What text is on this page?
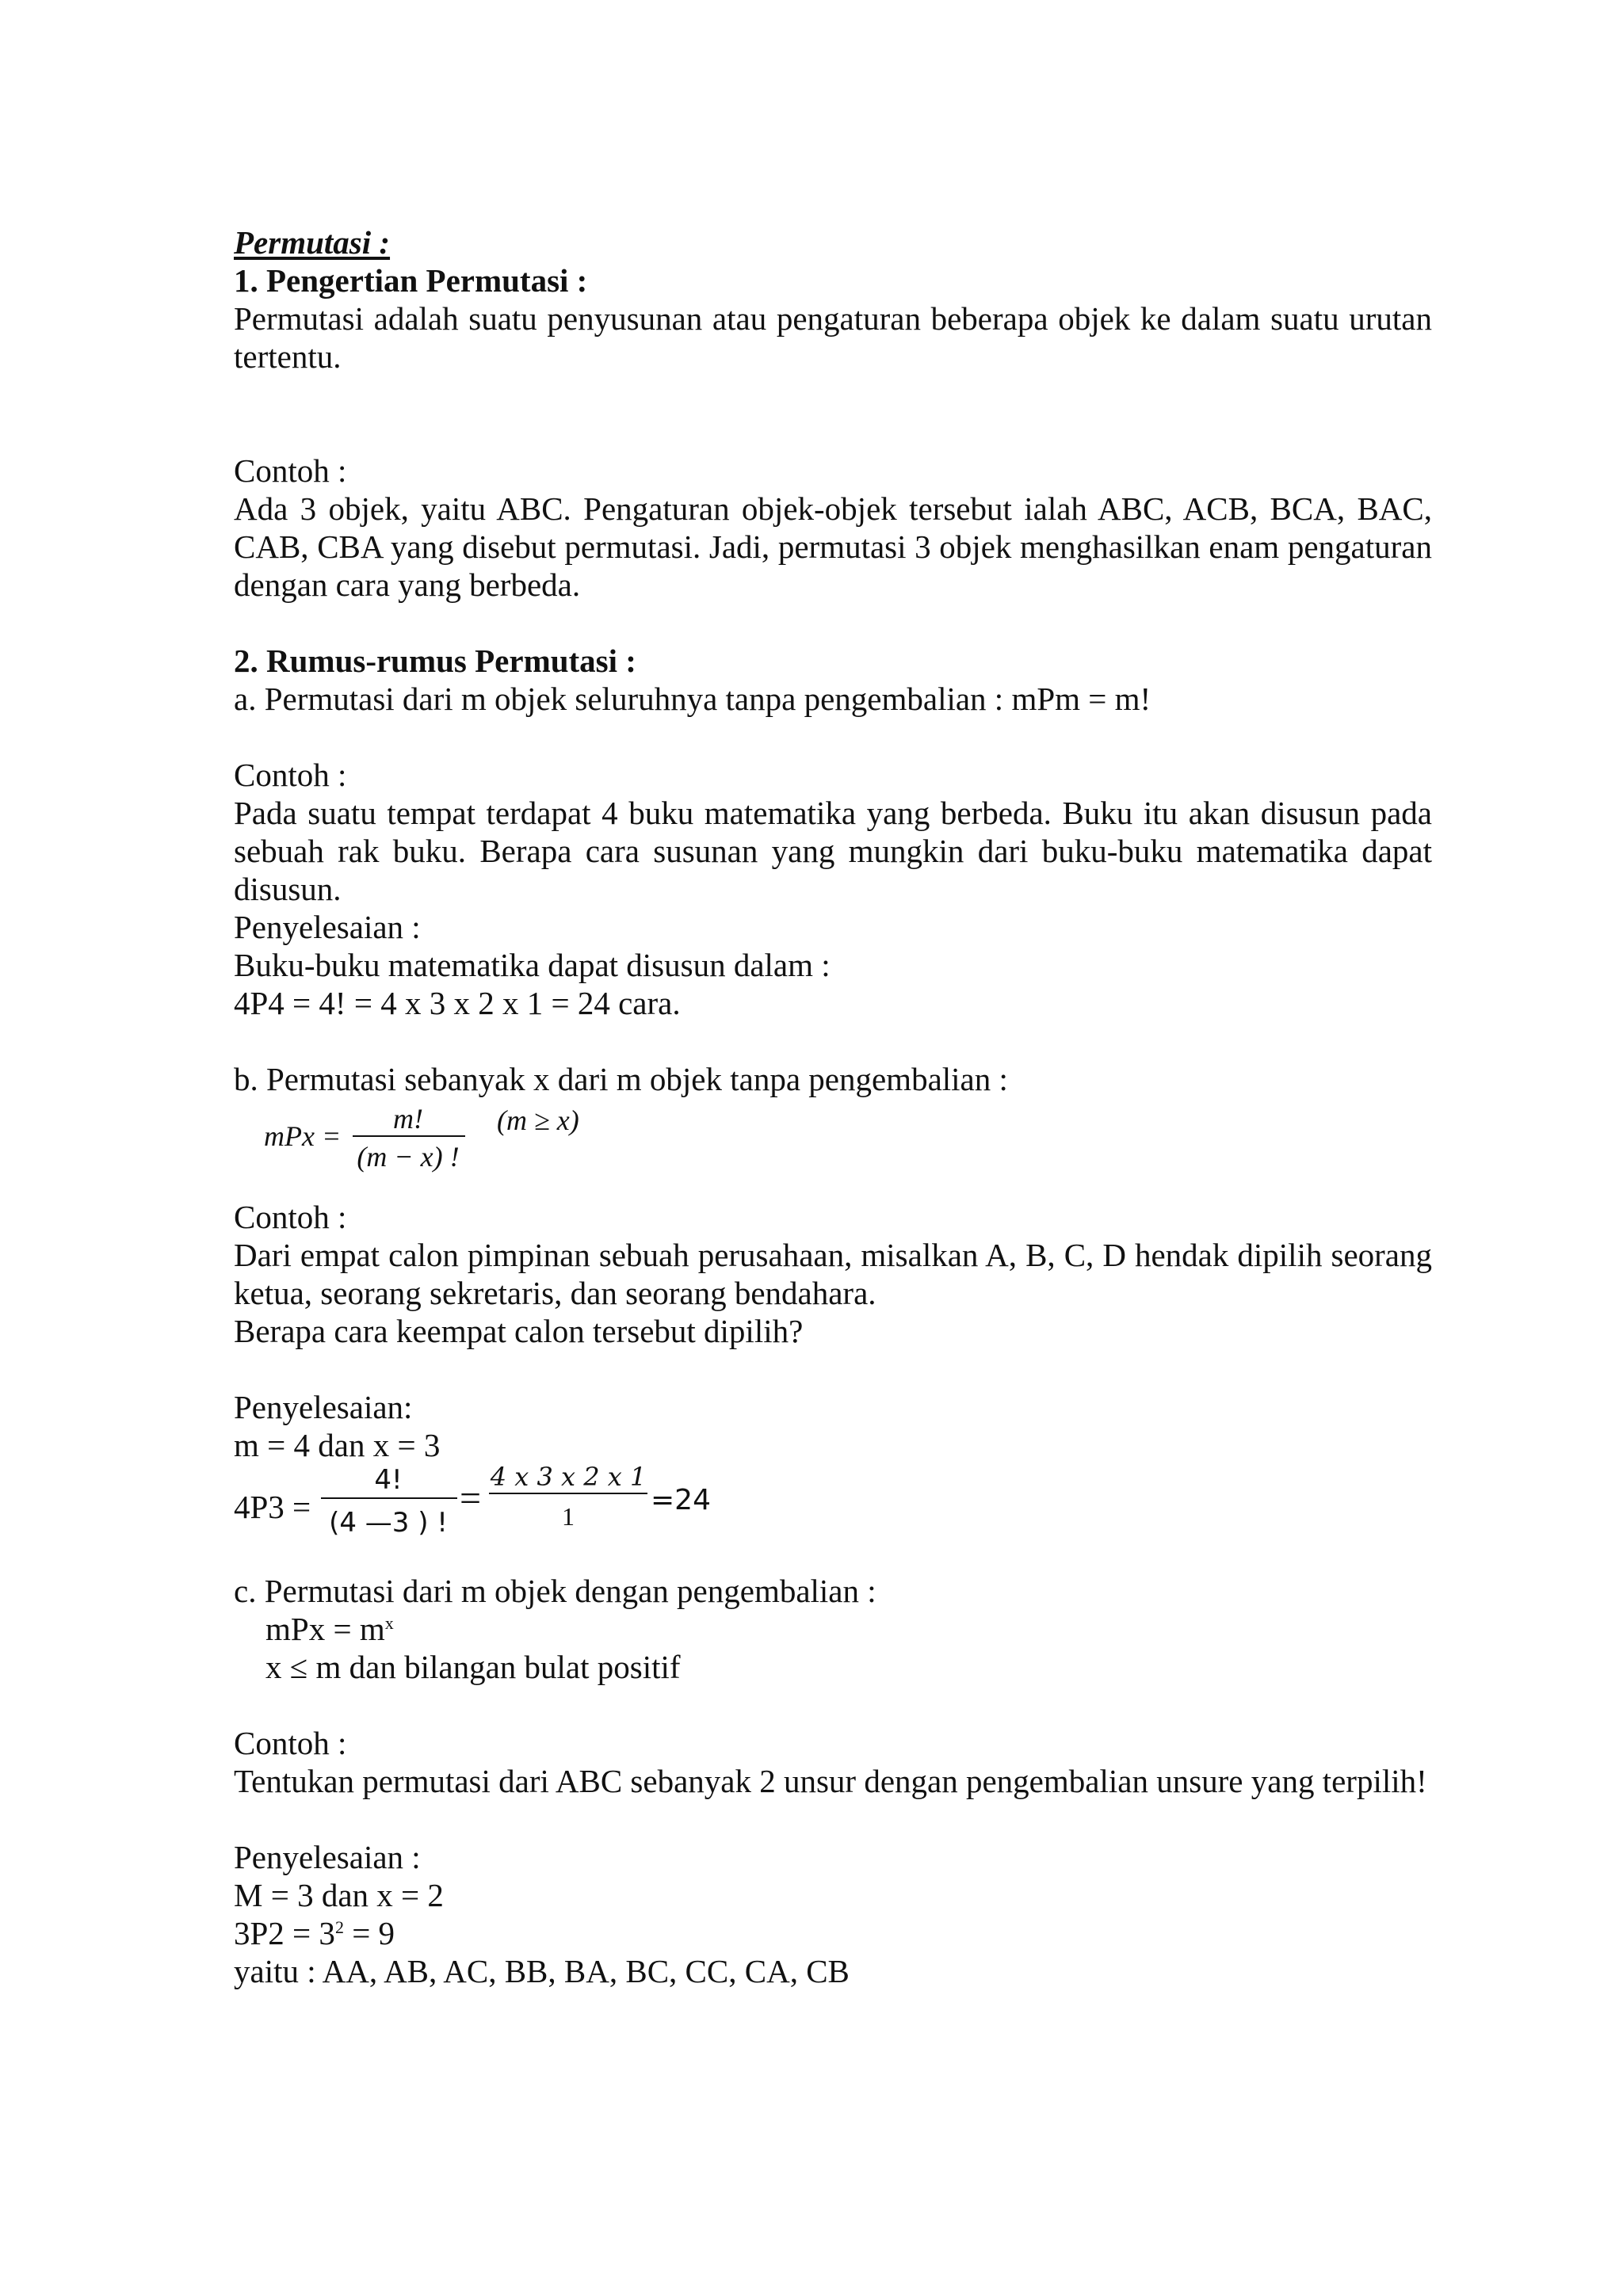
Permutasi :

1. Pengertian Permutasi :

Permutasi adalah suatu penyusunan atau pengaturan beberapa objek ke dalam suatu urutan tertentu.

Contoh :

Ada 3 objek, yaitu ABC. Pengaturan objek-objek tersebut ialah ABC, ACB, BCA, BAC, CAB, CBA yang disebut permutasi. Jadi, permutasi 3 objek menghasilkan enam pengaturan dengan cara yang berbeda.

2. Rumus-rumus Permutasi :

a. Permutasi dari m objek seluruhnya tanpa pengembalian : mPm = m!

Contoh :

Pada suatu tempat terdapat 4 buku matematika yang berbeda. Buku itu akan disusun pada sebuah rak buku. Berapa cara susunan yang mungkin dari buku-buku matematika dapat disusun.

Penyelesaian :

Buku-buku matematika dapat disusun dalam :

4P4 = 4! = 4 x 3 x 2 x 1 = 24 cara.

b. Permutasi sebanyak x dari m objek tanpa pengembalian :

mPx =
m!
(m − x) !
(m ≥ x)

Contoh :

Dari empat calon pimpinan sebuah perusahaan, misalkan A, B, C, D hendak dipilih seorang ketua, seorang sekretaris, dan seorang bendahara.

Berapa cara keempat calon tersebut dipilih?

Penyelesaian:

m = 4 dan x = 3

4P3 =
4!
(4 —3 ) !
=
4 x 3 x 2 x 1
1	=24

c. Permutasi dari m objek dengan pengembalian :

mPx = $m^x$

x ≤ m dan bilangan bulat positif

Contoh :

Tentukan permutasi dari ABC sebanyak 2 unsur dengan pengembalian unsure yang terpilih!

Penyelesaian :

M = 3 dan x = 2

$3P2 = 3^2 = 9$

yaitu : AA, AB, AC, BB, BA, BC, CC, CA, CB
